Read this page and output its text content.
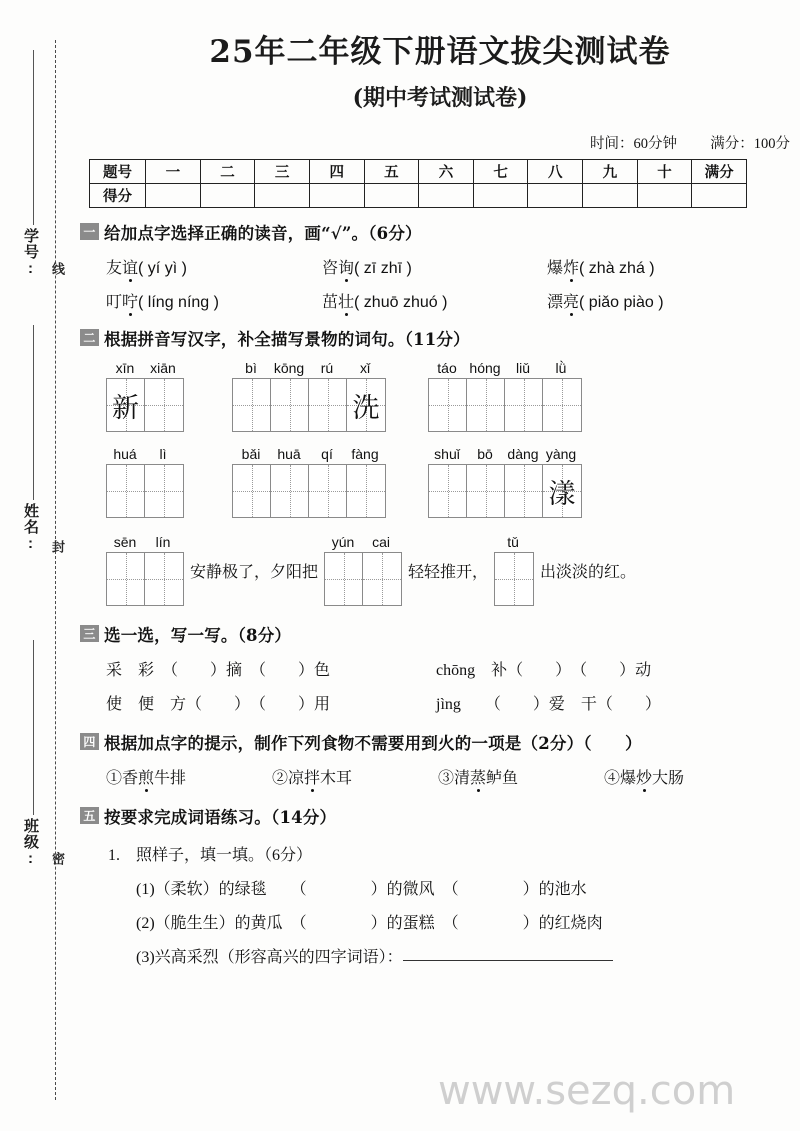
学号:
姓名:
班级:
线
封
密
25年二年级下册语文拔尖测试卷
(期中考试测试卷)
时间：60分钟 满分：100分
题号	一	二	三	四	五	六	七	八	九	十	满分
得分											
一 给加点字选择正确的读音，画“√”。（6分）
友谊( yí yì )	咨询( zī zhī )	爆炸( zhà zhá )
叮咛( líng níng )	茁壮( zhuō zhuó )	漂亮( piǎo piào )
二 根据拼音写汉字，补全描写景物的词句。（11分）
xīn	xiān
新
bì	kōng	rú	xǐ
洗
táo hóng	liǔ	lǜ
huá	lì	bǎi	huā	qí	fàng	shuǐ	bō	dàng yàng
漾
sēn	lín
安静极了，夕阳把
yún	cai
轻轻推开，
tǔ
出淡淡的红。
三 选一选，写一写。（8分）
采　彩　（　　）摘　（　　）色	chōng　补（　　）　（　　）动
使　便　方（　　）　（　　）用	jìng　　（　　）爱　干（　　）
四 根据加点字的提示，制作下列食物不需要用到火的一项是（2分）（　　）
①香煎牛排	②凉拌木耳	③清蒸鲈鱼	④爆炒大肠
五 按要求完成词语练习。（14分）
1.　照样子，填一填。（6分）
(1)（柔软）的绿毯　　（　　　　）的微风　（　　　　）的池水
(2)（脆生生）的黄瓜　（　　　　）的蛋糕　（　　　　）的红烧肉
(3)兴高采烈（形容高兴的四字词语）：
www.sezq.com
